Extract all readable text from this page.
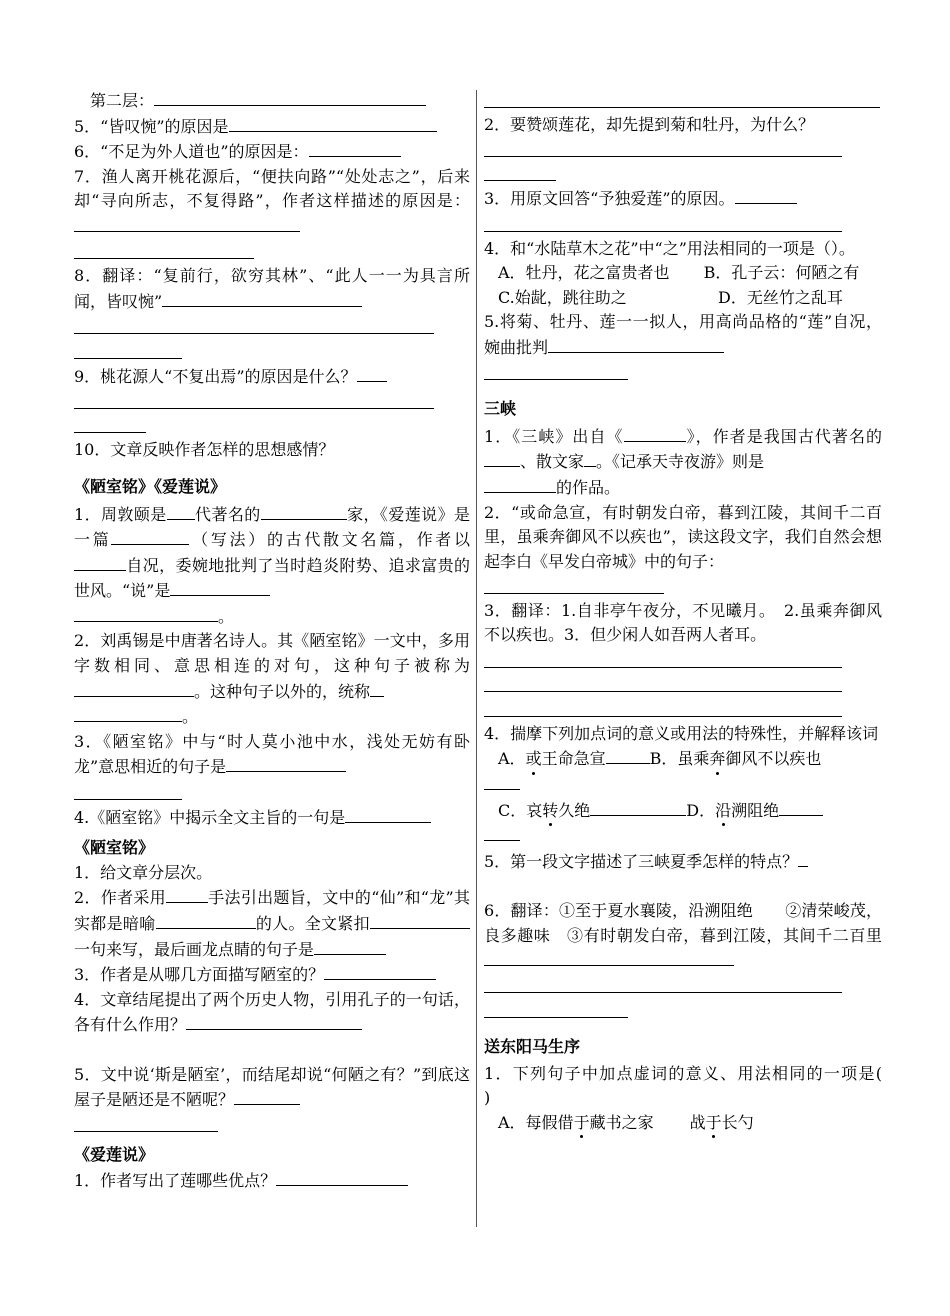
第二层：

5．“皆叹惋”的原因是

6．“不足为外人道也”的原因是：

7．渔人离开桃花源后，“便扶向路”“处处志之”，后来却“寻向所志，不复得路”，作者这样描述的原因是：

8．翻译：“复前行，欲穷其林”、“此人一一为具言所闻，皆叹惋”

9．桃花源人“不复出焉”的原因是什么？

10．文章反映作者怎样的思想感情？

《陋室铭》《爱莲说》

1．周敦颐是 代著名的	家，《爱莲说》是一篇	（写法）的古代散文名篇，作者以自况，委婉地批判了当时趋炎附势、追求富贵的世风。“说”是
。

2．刘禹锡是中唐著名诗人。其《陋室铭》一文中，多用字数相同、意思相连的对句，这种句子被称为。这种句子以外的，统称
。

3．《陋室铭》中与“时人莫小池中水，浅处无妨有卧龙”意思相近的句子是

4.《陋室铭》中揭示全文主旨的一句是

《陋室铭》

1．给文章分层次。

2．作者采用	手法引出题旨，文中的“仙”和“龙”其实都是暗喻	的人。全文紧扣一句来写，最后画龙点睛的句子是

3．作者是从哪几方面描写陋室的？

4．文章结尾提出了两个历史人物，引用孔子的一句话，各有什么作用？

5．文中说‘斯是陋室’，而结尾却说“何陋之有？”到底这屋子是陋还是不陋呢？

《爱莲说》

1．作者写出了莲哪些优点？

2．要赞颂莲花，却先提到菊和牡丹，为什么？

3．用原文回答“予独爱莲”的原因。

4．和“水陆草木之花”中“之”用法相同的一项是（）。

A．牡丹，花之富贵者也 B．孔子云：何陋之有

C.始龀，跳往助之	D．无丝竹之乱耳

5.将菊、牡丹、莲一一拟人，用高尚品格的“莲”自况，婉曲批判

三峡

1．《三峡》出自《	》，作者是我国古代著名的、散文家 。《记承天寺夜游》则是
的作品。

2．“或命急宣，有时朝发白帝，暮到江陵，其间千二百里，虽乘奔御风不以疾也”，读这段文字，我们自然会想起李白《早发白帝城》中的句子：

3．翻译：1.自非亭午夜分，不见曦月。　2.虽乘奔御风不以疾也。3．但少闲人如吾两人者耳。

4．揣摩下列加点词的意义或用法的特殊性，并解释该词

A．或王命急宣	B．虽乘奔御风不以疾也

C．哀转久绝	D．沿溯阻绝

5．第一段文字描述了三峡夏季怎样的特点？

6．翻译：①至于夏水襄陵，沿溯阻绝　　②清荣峻茂，良多趣味　③有时朝发白帝，暮到江陵，其间千二百里

送东阳马生序

1．下列句子中加点虚词的意义、用法相同的一项是(　　)

A．每假借于藏书之家 战于长勺
